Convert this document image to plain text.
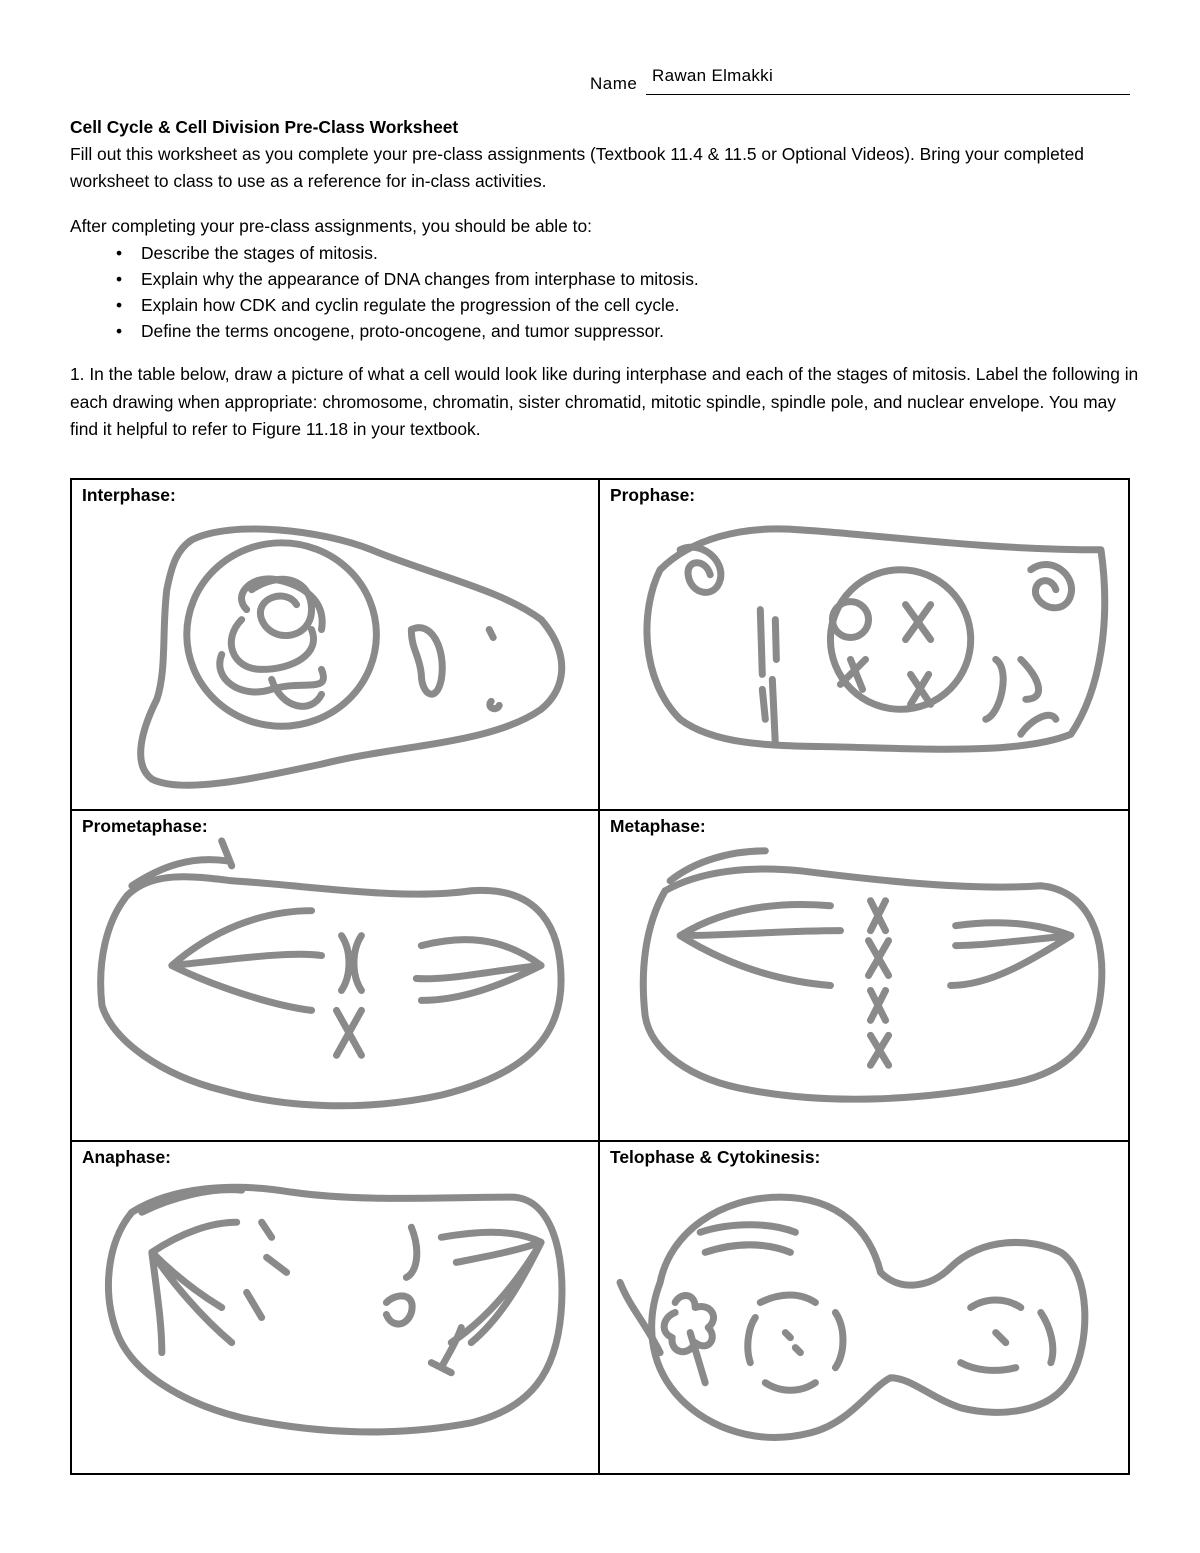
Name Rawan Elmakki

Cell Cycle & Cell Division Pre-Class Worksheet

Fill out this worksheet as you complete your pre-class assignments (Textbook 11.4 & 11.5 or Optional Videos). Bring your completed worksheet to class to use as a reference for in-class activities.

After completing your pre-class assignments, you should be able to:

• Describe the stages of mitosis.
• Explain why the appearance of DNA changes from interphase to mitosis.
• Explain how CDK and cyclin regulate the progression of the cell cycle.
• Define the terms oncogene, proto-oncogene, and tumor suppressor.

1. In the table below, draw a picture of what a cell would look like during interphase and each of the stages of mitosis. Label the following in each drawing when appropriate: chromosome, chromatin, sister chromatid, mitotic spindle, spindle pole, and nuclear envelope. You may find it helpful to refer to Figure 11.18 in your textbook.

Interphase:	Prophase:
Prometaphase:	Metaphase:
Anaphase:	Telophase & Cytokinesis:
